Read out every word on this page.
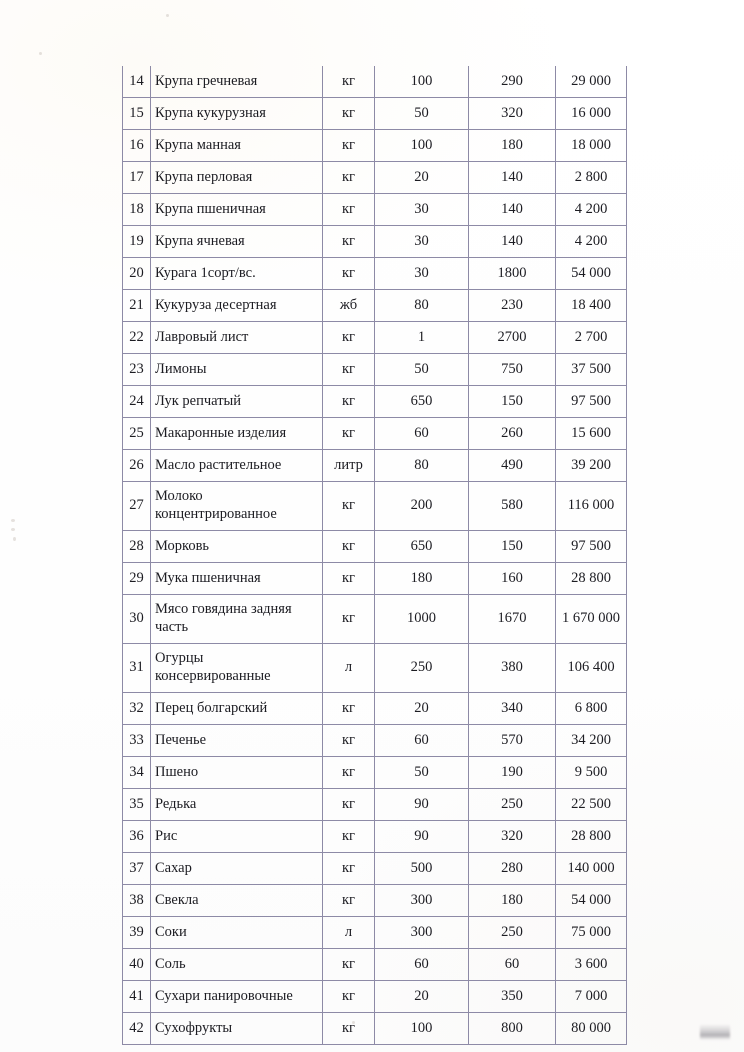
14	Крупа гречневая	кг	100	290	29 000
15	Крупа кукурузная	кг	50	320	16 000
16	Крупа манная	кг	100	180	18 000
17	Крупа перловая	кг	20	140	2 800
18	Крупа пшеничная	кг	30	140	4 200
19	Крупа ячневая	кг	30	140	4 200
20	Курага 1сорт/вс.	кг	30	1800	54 000
21	Кукуруза десертная	жб	80	230	18 400
22	Лавровый лист	кг	1	2700	2 700
23	Лимоны	кг	50	750	37 500
24	Лук репчатый	кг	650	150	97 500
25	Макаронные изделия	кг	60	260	15 600
26	Масло растительное	литр	80	490	39 200
27	Молоко концентрированное	кг	200	580	116 000
28	Морковь	кг	650	150	97 500
29	Мука пшеничная	кг	180	160	28 800
30	Мясо говядина задняя часть	кг	1000	1670	1 670 000
31	Огурцы консервированные	л	250	380	106 400
32	Перец болгарский	кг	20	340	6 800
33	Печенье	кг	60	570	34 200
34	Пшено	кг	50	190	9 500
35	Редька	кг	90	250	22 500
36	Рис	кг	90	320	28 800
37	Сахар	кг	500	280	140 000
38	Свекла	кг	300	180	54 000
39	Соки	л	300	250	75 000
40	Соль	кг	60	60	3 600
41	Сухари панировочные	кг	20	350	7 000
42	Сухофрукты	кг	100	800	80 000
